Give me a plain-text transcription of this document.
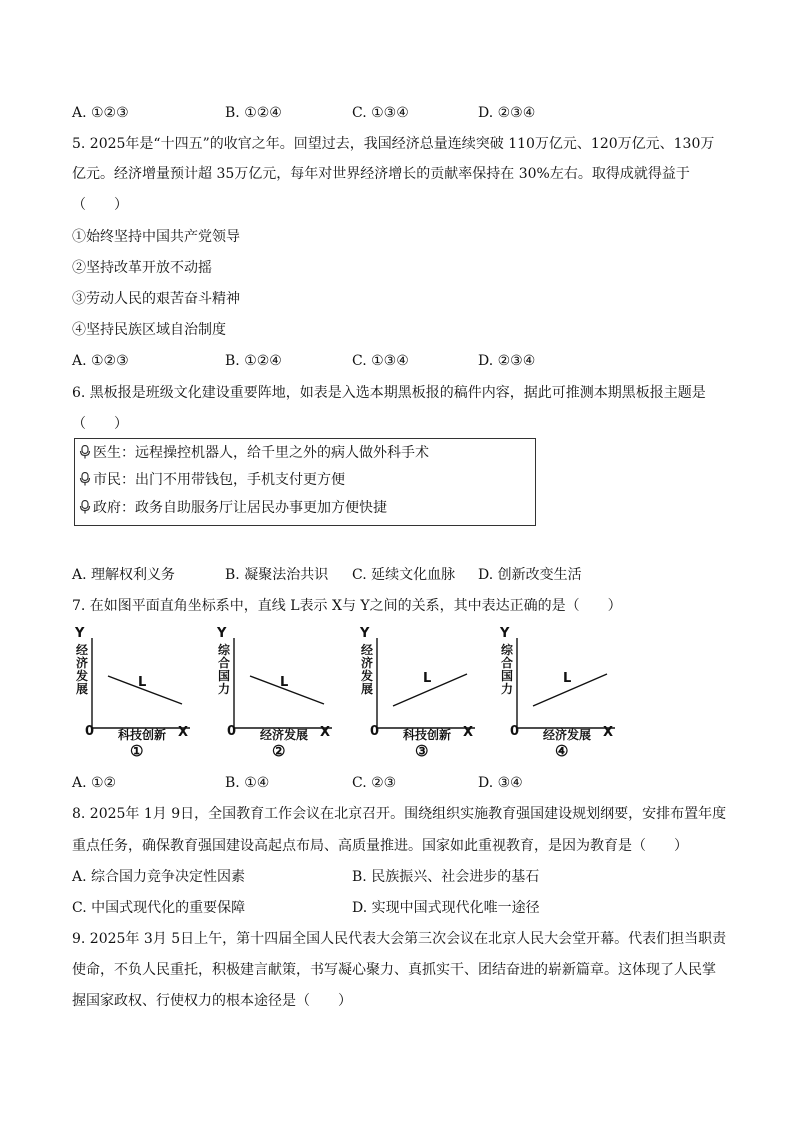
A. ①②③	B. ①②④	C. ①③④	D. ②③④
5. 2025年是“十四五”的收官之年。回望过去，我国经济总量连续突破 110万亿元、120万亿元、130万
亿元。经济增量预计超 35万亿元，每年对世界经济增长的贡献率保持在 30%左右。取得成就得益于
（　　）
①始终坚持中国共产党领导
②坚持改革开放不动摇
③劳动人民的艰苦奋斗精神
④坚持民族区域自治制度
A. ①②③	B. ①②④	C. ①③④	D. ②③④
6. 黑板报是班级文化建设重要阵地，如表是入选本期黑板报的稿件内容，据此可推测本期黑板报主题是
（　　）
医生：远程操控机器人，给千里之外的病人做外科手术
市民：出门不用带钱包，手机支付更方便
政府：政务自助服务厅让居民办事更加方便快捷
A. 理解权利义务	B. 凝聚法治共识 C. 延续文化血脉 D. 创新改变生活
7. 在如图平面直角坐标系中，直线 L表示 X与 Y之间的关系，其中表达正确的是（　　）
Y
经
济
发
展
0 科技创新 X
L
①
Y
综
合
国
力
0 经济发展 X
L
②
Y
经
济
发
展
0 科技创新 X
L
③
Y
综
合
国
力
0 经济发展 X
L
④
A. ①②	B. ①④	C. ②③	D. ③④
8. 2025年 1月 9日，全国教育工作会议在北京召开。围绕组织实施教育强国建设规划纲要，安排布置年度
重点任务，确保教育强国建设高起点布局、高质量推进。国家如此重视教育，是因为教育是（　　）
A. 综合国力竞争决定性因素	B. 民族振兴、社会进步的基石
C. 中国式现代化的重要保障	D. 实现中国式现代化唯一途径
9. 2025年 3月 5日上午，第十四届全国人民代表大会第三次会议在北京人民大会堂开幕。代表们担当职责
使命，不负人民重托，积极建言献策，书写凝心聚力、真抓实干、团结奋进的崭新篇章。这体现了人民掌
握国家政权、行使权力的根本途径是（　　）
